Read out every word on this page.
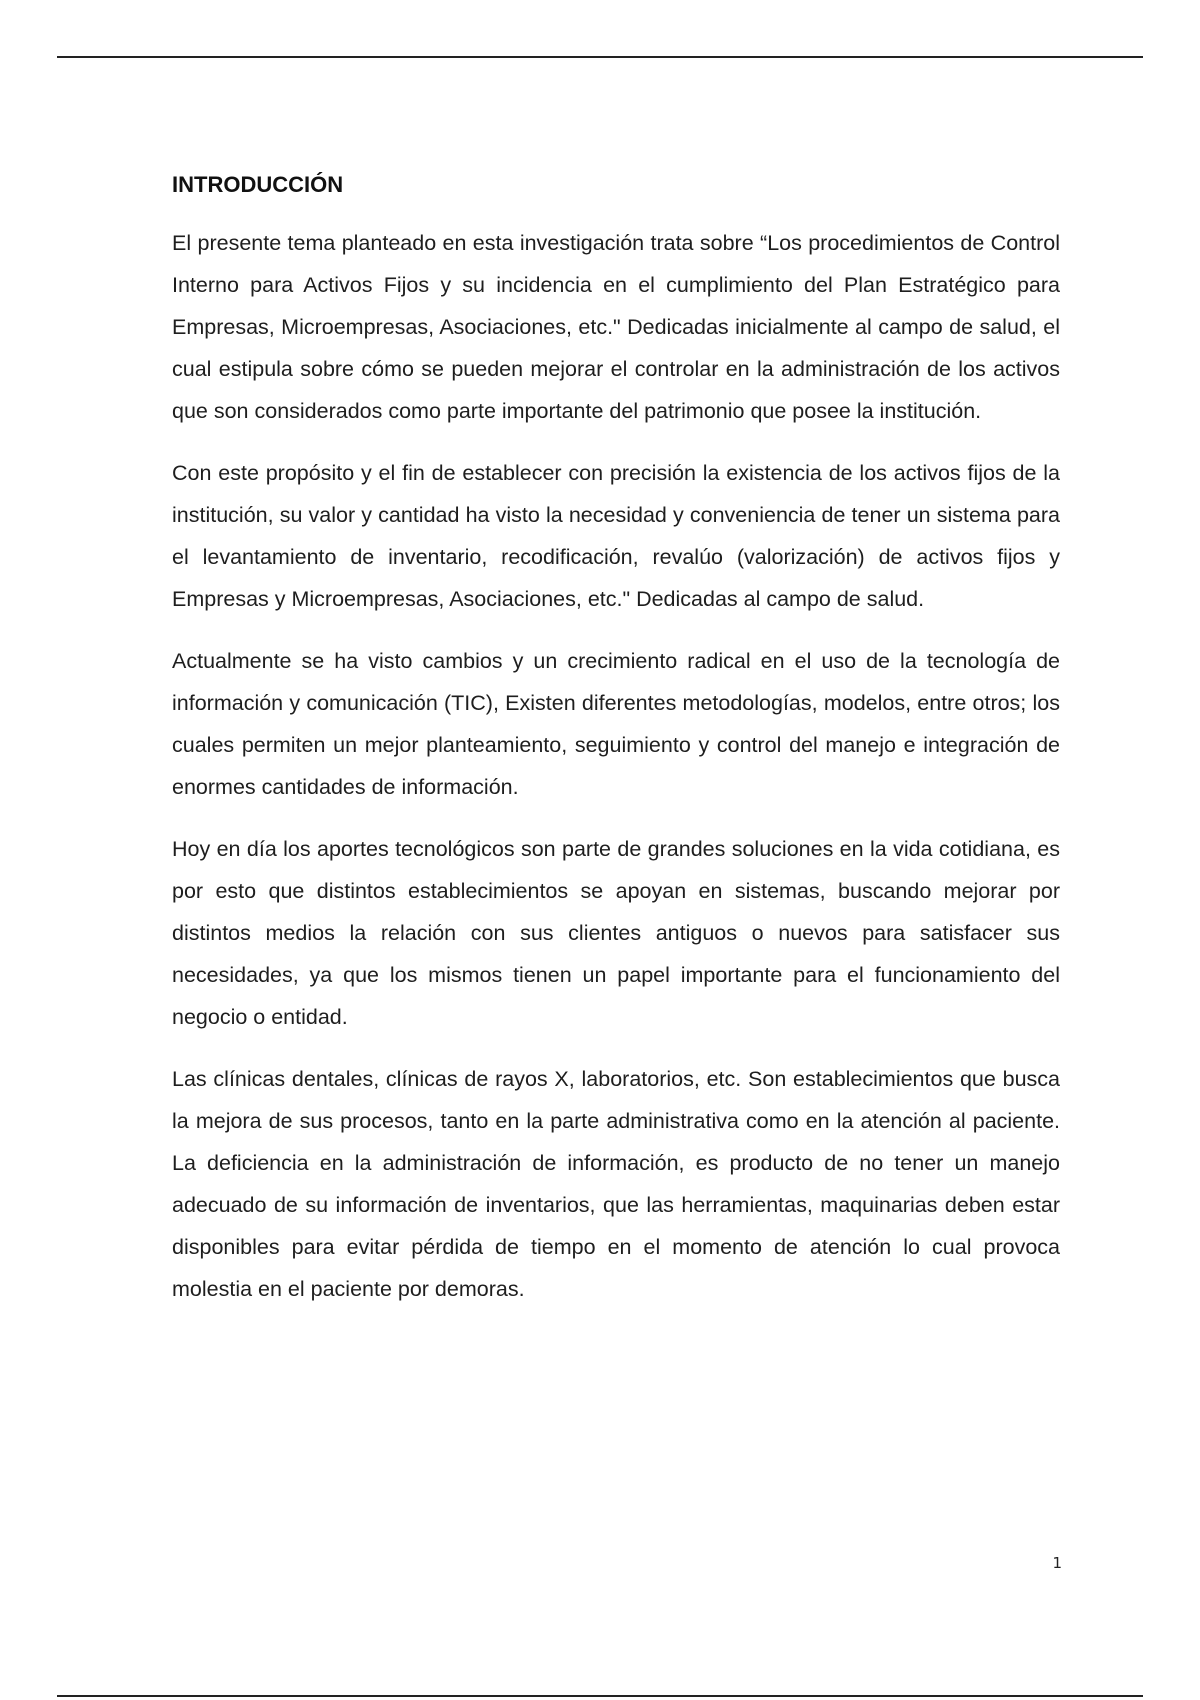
INTRODUCCIÓN

El presente tema planteado en esta investigación trata sobre “Los procedimientos de Control Interno para Activos Fijos y su incidencia en el cumplimiento del Plan Estratégico para Empresas, Microempresas, Asociaciones, etc." Dedicadas inicialmente al campo de salud, el cual estipula sobre cómo se pueden mejorar el controlar en la administración de los activos que son considerados como parte importante del patrimonio que posee la institución.

Con este propósito y el fin de establecer con precisión la existencia de los activos fijos de la institución, su valor y cantidad ha visto la necesidad y conveniencia de tener un sistema para el levantamiento de inventario, recodificación, revalúo (valorización) de activos fijos y Empresas y Microempresas, Asociaciones, etc." Dedicadas al campo de salud.

Actualmente se ha visto cambios y un crecimiento radical en el uso de la tecnología de información y comunicación (TIC), Existen diferentes metodologías, modelos, entre otros; los cuales permiten un mejor planteamiento, seguimiento y control del manejo e integración de enormes cantidades de información.

Hoy en día los aportes tecnológicos son parte de grandes soluciones en la vida cotidiana, es por esto que distintos establecimientos se apoyan en sistemas, buscando mejorar por distintos medios la relación con sus clientes antiguos o nuevos para satisfacer sus necesidades, ya que los mismos tienen un papel importante para el funcionamiento del negocio o entidad.

Las clínicas dentales, clínicas de rayos X, laboratorios, etc. Son establecimientos que busca la mejora de sus procesos, tanto en la parte administrativa como en la atención al paciente. La deficiencia en la administración de información, es producto de no tener un manejo adecuado de su información de inventarios, que las herramientas, maquinarias deben estar disponibles para evitar pérdida de tiempo en el momento de atención lo cual provoca molestia en el paciente por demoras.

1
